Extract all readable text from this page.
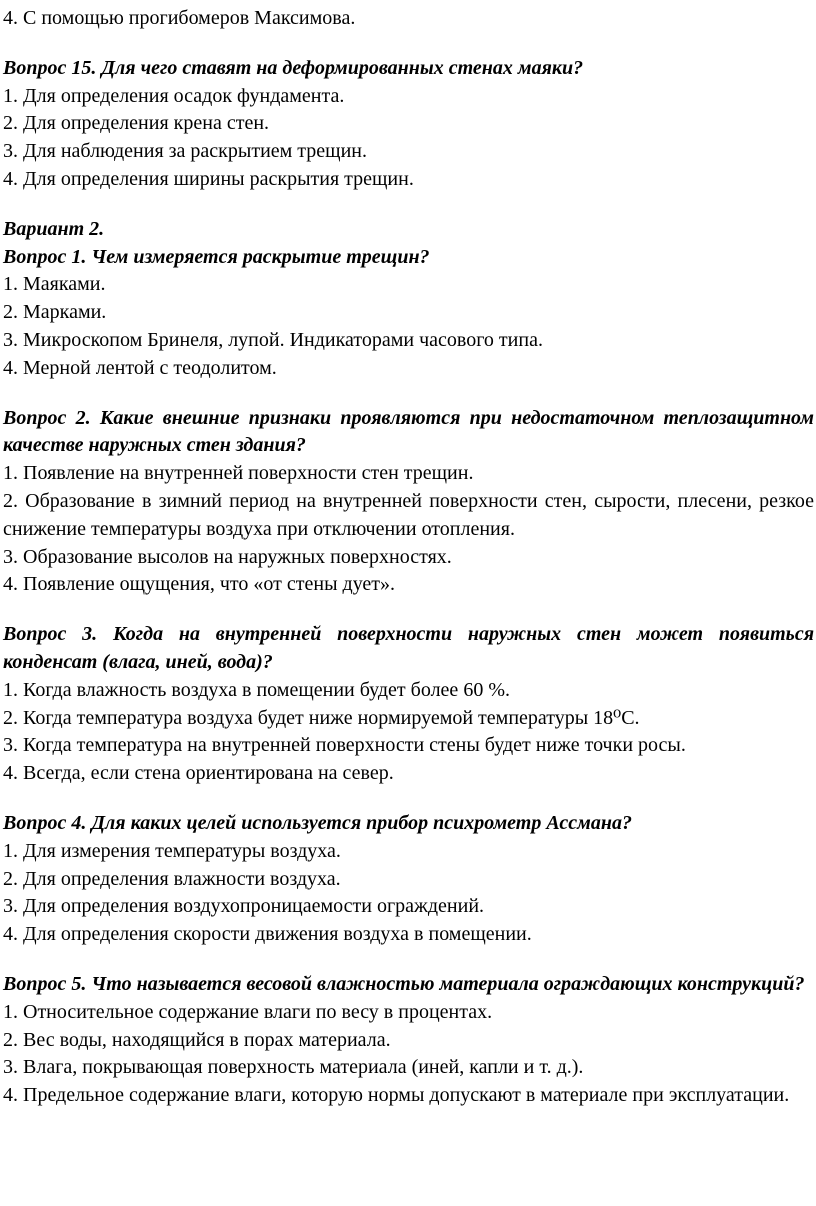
4. С помощью прогибомеров Максимова.

Вопрос 15. Для чего ставят на деформированных стенах маяки?

1. Для определения осадок фундамента.

2. Для определения крена стен.

3. Для наблюдения за раскрытием трещин.

4. Для определения ширины раскрытия трещин.

Вариант 2.

Вопрос 1. Чем измеряется раскрытие трещин?

1. Маяками.

2. Марками.

3. Микроскопом Бринеля, лупой. Индикаторами часового типа.

4. Мерной лентой с теодолитом.

Вопрос 2. Какие внешние признаки проявляются при недостаточном теплозащитном качестве наружных стен здания?

1. Появление на внутренней поверхности стен трещин.

2. Образование в зимний период на внутренней поверхности стен, сырости, плесени, резкое снижение температуры воздуха при отключении отопления.

3. Образование высолов на наружных поверхностях.

4. Появление ощущения, что «от стены дует».

Вопрос 3. Когда на внутренней поверхности наружных стен может появиться конденсат (влага, иней, вода)?

1. Когда влажность воздуха в помещении будет более 60 %.

2. Когда температура воздуха будет ниже нормируемой температуры 18⁰С.

3. Когда температура на внутренней поверхности стены будет ниже точки росы.

4. Всегда, если стена ориентирована на север.

Вопрос 4. Для каких целей используется прибор психрометр Ассмана?

1. Для измерения температуры воздуха.

2. Для определения влажности воздуха.

3. Для определения воздухопроницаемости ограждений.

4. Для определения скорости движения воздуха в помещении.

Вопрос 5. Что называется весовой влажностью материала ограждающих конструкций?

1. Относительное содержание влаги по весу в процентах.

2. Вес воды, находящийся в порах материала.

3. Влага, покрывающая поверхность материала (иней, капли и т. д.).

4. Предельное содержание влаги, которую нормы допускают в материале при эксплуатации.
